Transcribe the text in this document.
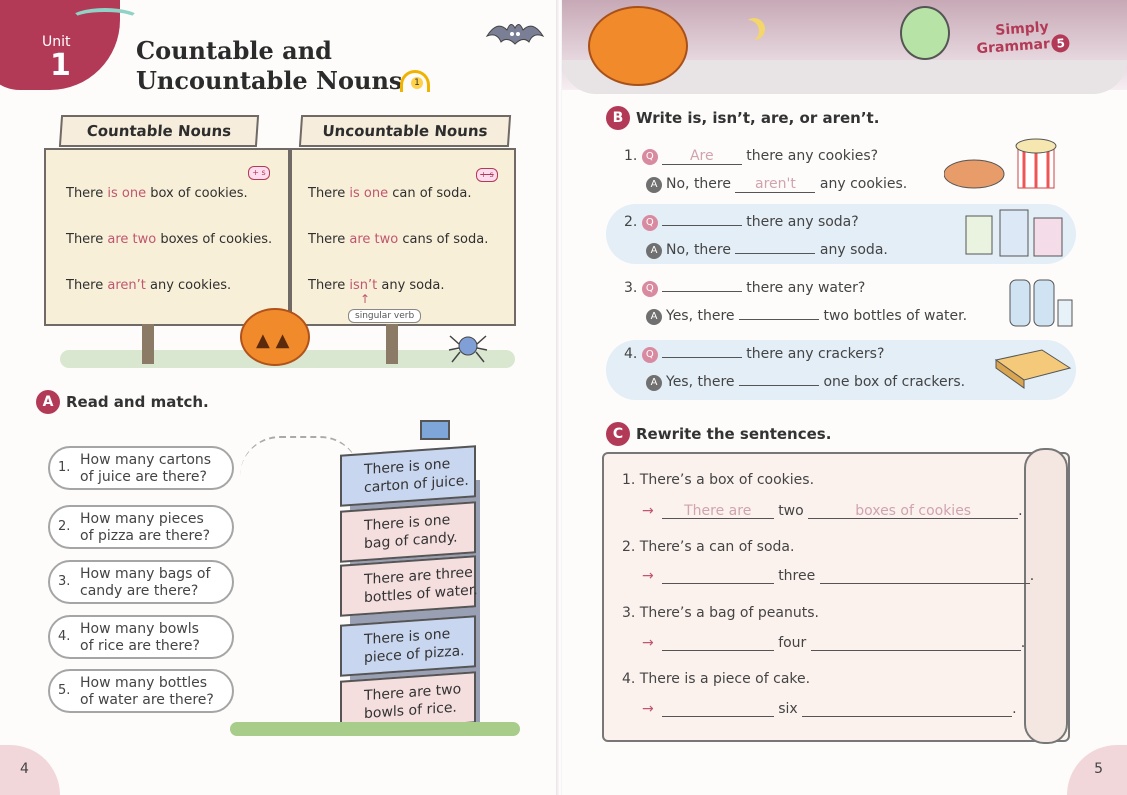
Unit
1	Countable and
Uncountable Nouns	1
Countable Nouns
+ s
There is one box of cookies.
There are two boxes of cookies.
There aren’t any cookies.
Uncountable Nouns
+ s
There is one can of soda.
There are two cans of soda.
There isn’t any soda.
↑
singular verb
▲ ▲
A Read and match.
1. How many cartons
of juice are there?
2. How many pieces
of pizza are there?
3. How many bags of
candy are there?
4. How many bowls
of rice are there?
5. How many bottles
of water are there?
There is one
carton of juice.
There is one
bag of candy.
There are three
bottles of water.
There is one
piece of pizza.
There are two
bowls of rice.
4
Simply
Grammar 5
B Write is, isn’t, are, or aren’t.
1. Q	Are there any cookies?
A No, there aren't any cookies.
2. Q	there any soda?
A No, there	any soda.
3. Q	there any water?
A Yes, there	two bottles of water.
4. Q	there any crackers?
A Yes, there	one box of crackers.
C Rewrite the sentences.
1. There’s a box of cookies.
→ There are two	boxes of cookies	.
2. There’s a can of soda.
→	three	.
3. There’s a bag of peanuts.
→	four	.
4. There is a piece of cake.
→	six	.
5
